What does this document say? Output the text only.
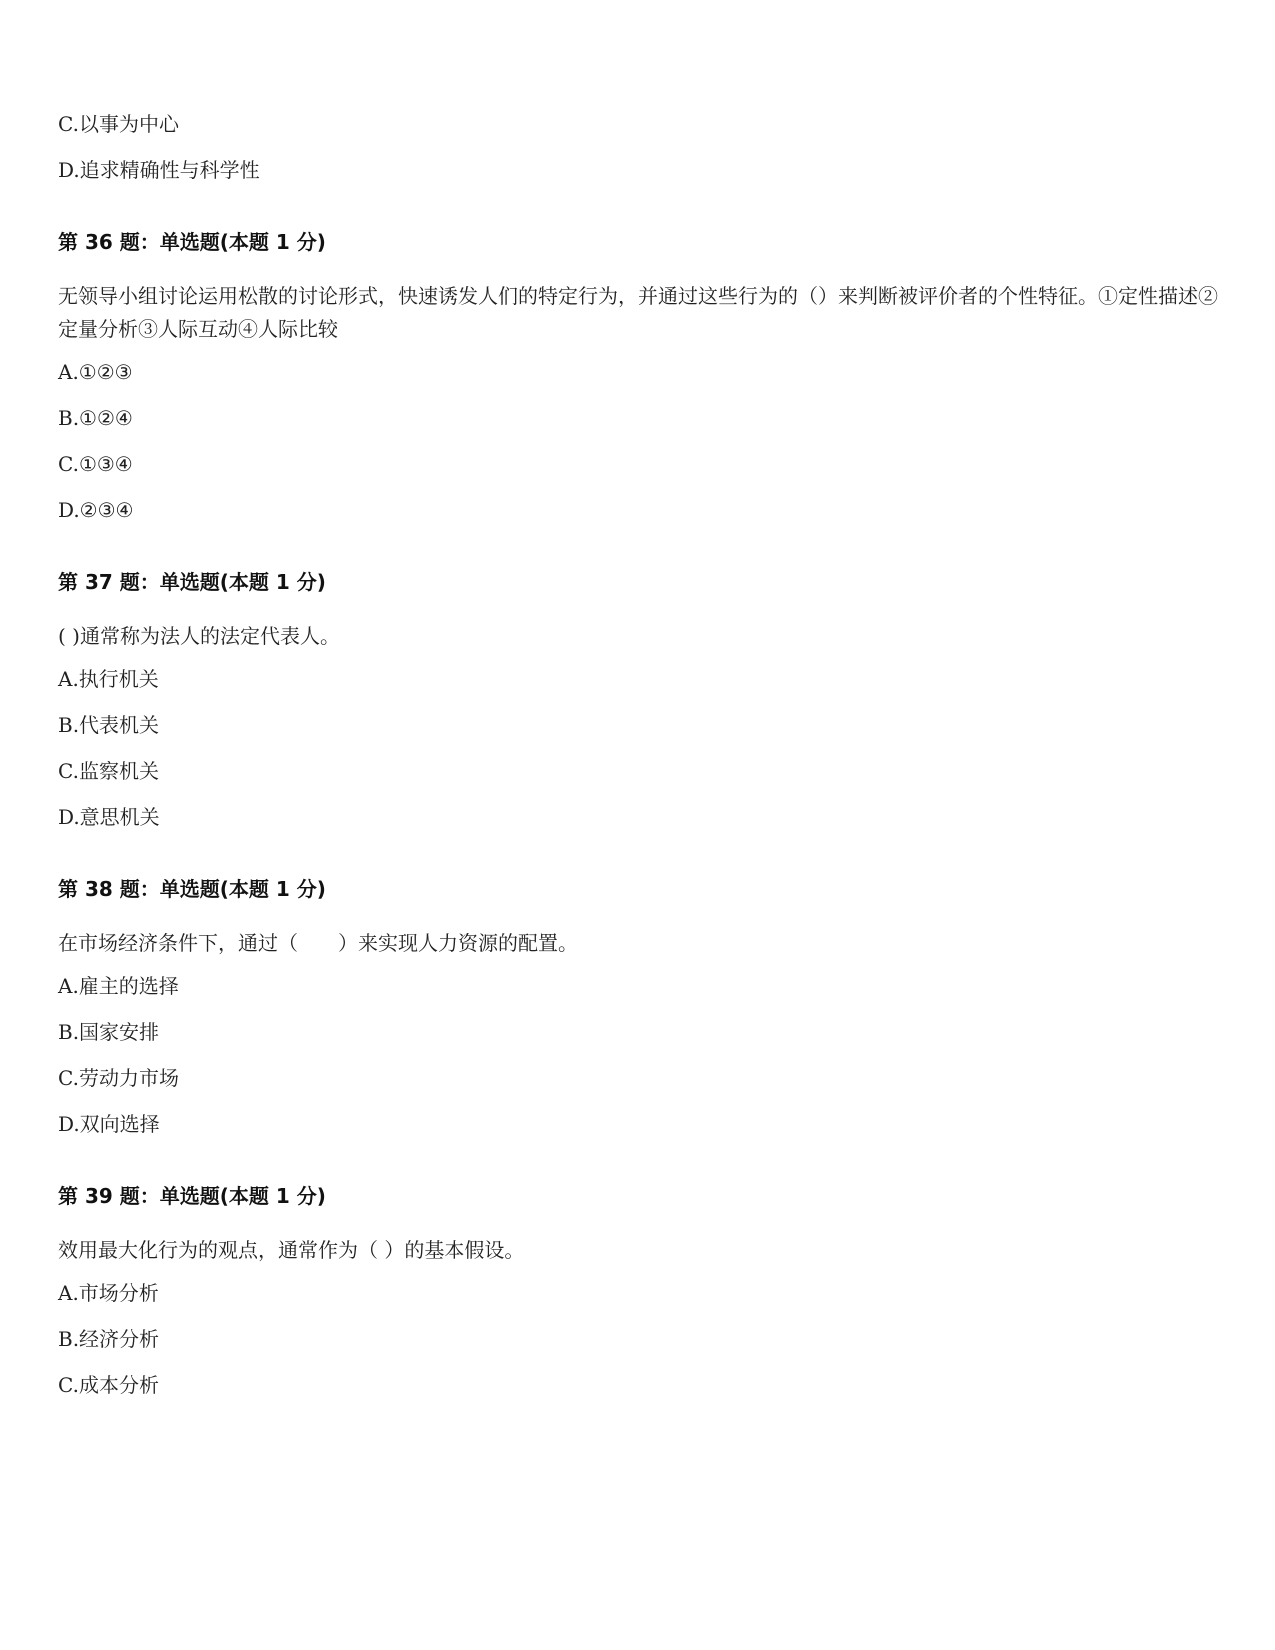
C.以事为中心
D.追求精确性与科学性
第 36 题：单选题(本题 1 分)
无领导小组讨论运用松散的讨论形式，快速诱发人们的特定行为，并通过这些行为的（）来判断被评价者的个性特征。①定性描述②定量分析③人际互动④人际比较
A.①②③
B.①②④
C.①③④
D.②③④
第 37 题：单选题(本题 1 分)
( )通常称为法人的法定代表人。
A.执行机关
B.代表机关
C.监察机关
D.意思机关
第 38 题：单选题(本题 1 分)
在市场经济条件下，通过（　　）来实现人力资源的配置。
A.雇主的选择
B.国家安排
C.劳动力市场
D.双向选择
第 39 题：单选题(本题 1 分)
效用最大化行为的观点，通常作为（ ）的基本假设。
A.市场分析
B.经济分析
C.成本分析
